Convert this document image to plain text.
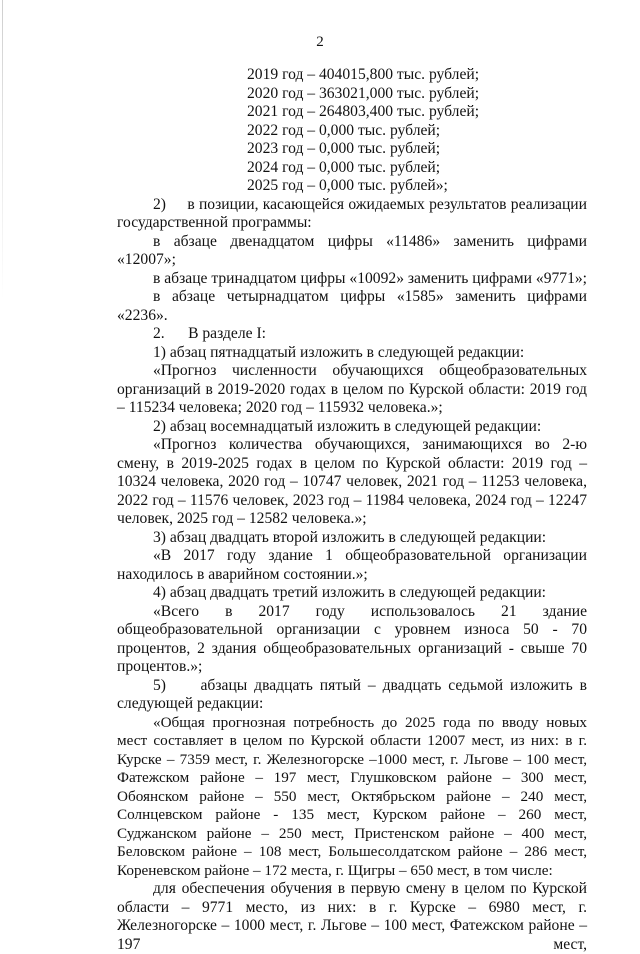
2
2019 год – 404015,800 тыс. рублей;
2020 год – 363021,000 тыс. рублей;
2021 год – 264803,400 тыс. рублей;
2022 год – 0,000 тыс. рублей;
2023 год – 0,000 тыс. рублей;
2024 год – 0,000 тыс. рублей;
2025 год – 0,000 тыс. рублей»;

2)     в позиции, касающейся ожидаемых результатов реализации государственной программы:

в абзаце двенадцатом цифры «11486» заменить цифрами «12007»;

в абзаце тринадцатом цифры «10092» заменить цифрами «9771»;

в абзаце четырнадцатом цифры «1585» заменить цифрами «2236».

2.      В разделе I:

1) абзац пятнадцатый изложить в следующей редакции:

«Прогноз численности обучающихся общеобразовательных организаций в 2019-2020 годах в целом по Курской области: 2019 год – 115234 человека; 2020 год – 115932 человека.»;

2) абзац восемнадцатый изложить в следующей редакции:

«Прогноз количества обучающихся, занимающихся во 2-ю смену, в 2019-2025 годах в целом по Курской области: 2019 год – 10324 человека, 2020 год – 10747 человек, 2021 год – 11253 человека, 2022 год – 11576 человек, 2023 год – 11984 человека, 2024 год – 12247 человек, 2025 год – 12582 человека.»;

3) абзац двадцать второй изложить в следующей редакции:

«В 2017 году здание 1 общеобразовательной организации находилось в аварийном состоянии.»;

4) абзац двадцать третий изложить в следующей редакции:

«Всего в 2017 году использовалось 21 здание общеобразовательной организации с уровнем износа 50 - 70 процентов, 2 здания общеобразовательных организаций - свыше 70 процентов.»;

5)     абзацы двадцать пятый – двадцать седьмой изложить в следующей редакции:

«Общая прогнозная потребность до 2025 года по вводу новых мест составляет в целом по Курской области 12007 мест, из них: в г. Курске – 7359 мест, г. Железногорске –1000 мест, г. Льгове – 100 мест, Фатежском районе – 197 мест, Глушковском районе – 300 мест, Обоянском районе – 550 мест, Октябрьском районе – 240 мест, Солнцевском районе - 135 мест, Курском районе – 260 мест, Суджанском районе – 250 мест, Пристенском районе – 400 мест, Беловском районе – 108 мест, Большесолдатском районе – 286 мест, Кореневском районе – 172 места, г. Щигры – 650 мест, в том числе:

для обеспечения обучения в первую смену в целом по Курской области – 9771 место, из них: в г. Курске – 6980 мест, г. Железногорске – 1000 мест, г. Льгове – 100 мест, Фатежском районе – 197 мест,
